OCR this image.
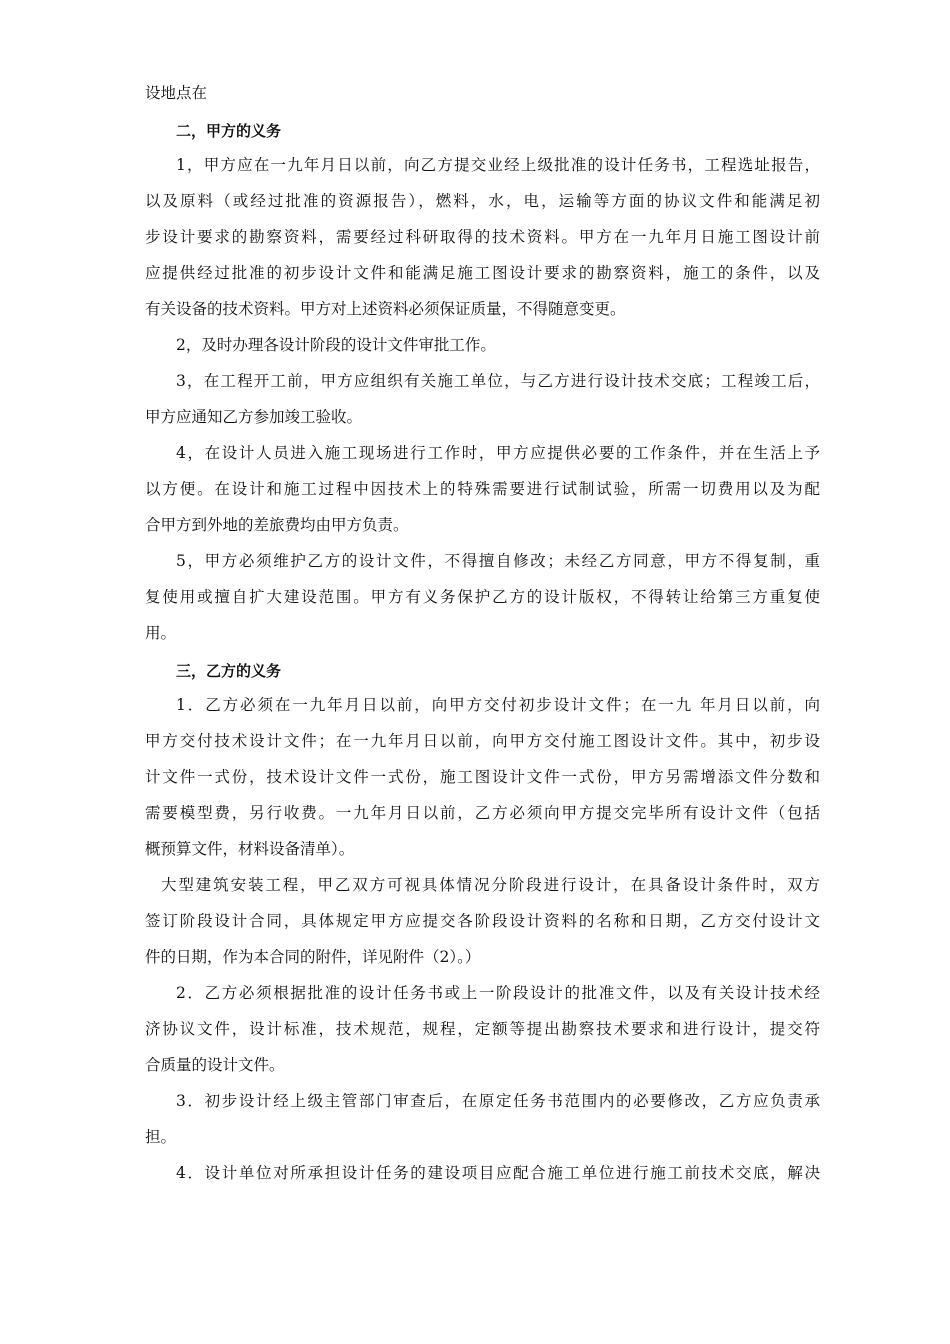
设地点在

二，甲方的义务

1，甲方应在一九年月日以前，向乙方提交业经上级批准的设计任务书，工程选址报告，

以及原料（或经过批准的资源报告），燃料，水，电，运输等方面的协议文件和能满足初

步设计要求的勘察资料，需要经过科研取得的技术资料。甲方在一九年月日施工图设计前

应提供经过批准的初步设计文件和能满足施工图设计要求的勘察资料，施工的条件，以及

有关设备的技术资料。甲方对上述资料必须保证质量，不得随意变更。

2，及时办理各设计阶段的设计文件审批工作。

3，在工程开工前，甲方应组织有关施工单位，与乙方进行设计技术交底；工程竣工后，

甲方应通知乙方参加竣工验收。

4，在设计人员进入施工现场进行工作时，甲方应提供必要的工作条件，并在生活上予

以方便。在设计和施工过程中因技术上的特殊需要进行试制试验，所需一切费用以及为配

合甲方到外地的差旅费均由甲方负责。

5，甲方必须维护乙方的设计文件，不得擅自修改；未经乙方同意，甲方不得复制，重

复使用或擅自扩大建设范围。甲方有义务保护乙方的设计版权，不得转让给第三方重复使

用。

三，乙方的义务

1．乙方必须在一九年月日以前，向甲方交付初步设计文件；在一九 年月日以前，向

甲方交付技术设计文件；在一九年月日以前，向甲方交付施工图设计文件。其中，初步设

计文件一式份，技术设计文件一式份，施工图设计文件一式份，甲方另需增添文件分数和

需要模型费，另行收费。一九年月日以前，乙方必须向甲方提交完毕所有设计文件（包括

概预算文件，材料设备清单）。

大型建筑安装工程，甲乙双方可视具体情况分阶段进行设计，在具备设计条件时，双方

签订阶段设计合同，具体规定甲方应提交各阶段设计资料的名称和日期，乙方交付设计文

件的日期，作为本合同的附件，详见附件（2）。）

2．乙方必须根据批准的设计任务书或上一阶段设计的批准文件，以及有关设计技术经

济协议文件，设计标准，技术规范，规程，定额等提出勘察技术要求和进行设计，提交符

合质量的设计文件。

3．初步设计经上级主管部门审查后，在原定任务书范围内的必要修改，乙方应负责承

担。

4．设计单位对所承担设计任务的建设项目应配合施工单位进行施工前技术交底，解决
